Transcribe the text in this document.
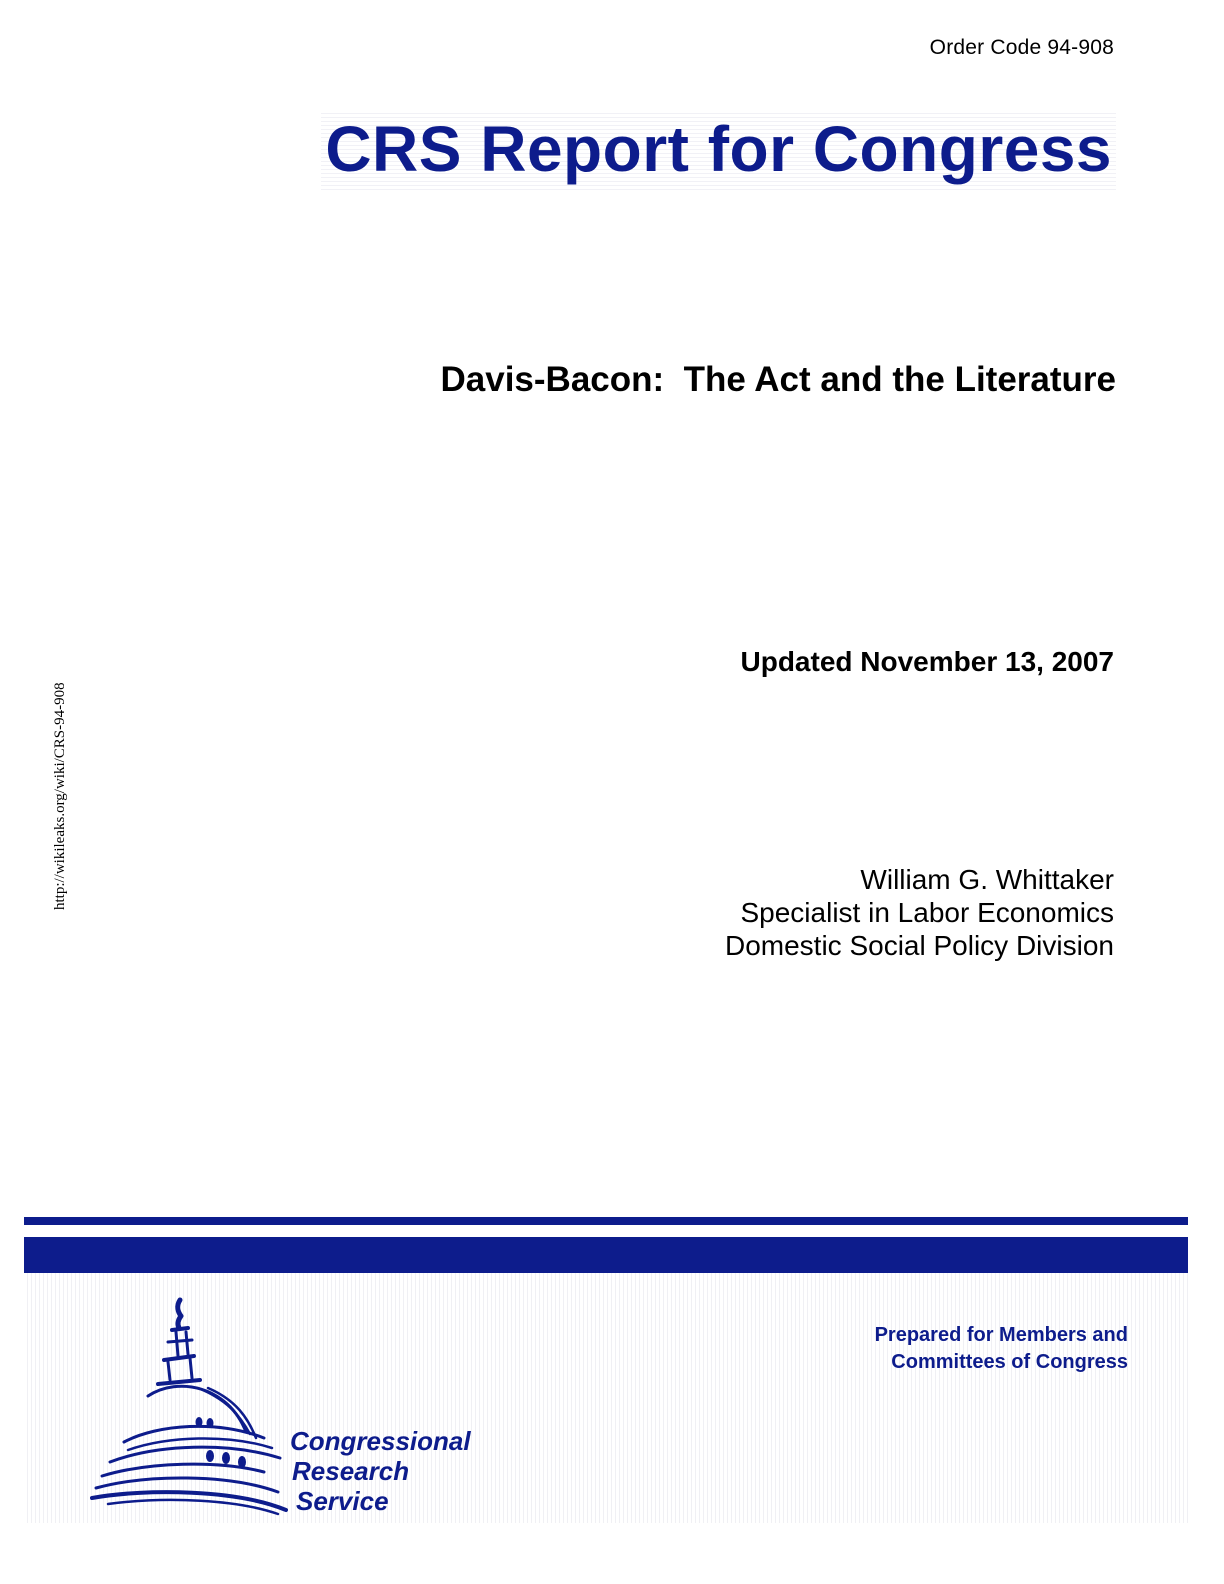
Order Code 94-908
CRS Report for Congress
Davis-Bacon:  The Act and the Literature
Updated November 13, 2007
William G. Whittaker
Specialist in Labor Economics
Domestic Social Policy Division
http://wikileaks.org/wiki/CRS-94-908
Prepared for Members and
Committees of Congress
Congressional
Research
Service
